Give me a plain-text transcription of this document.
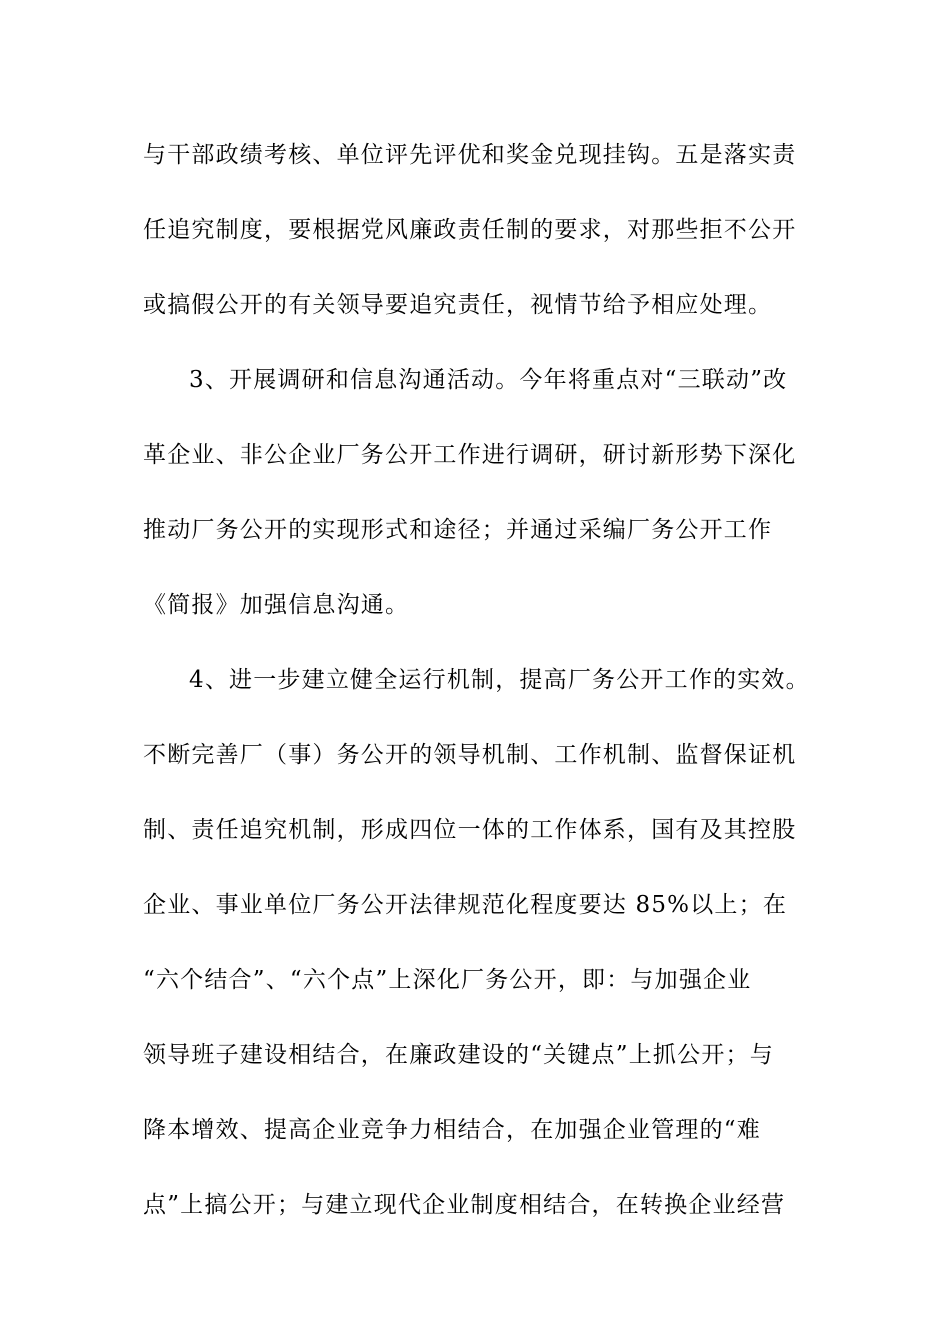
与干部政绩考核、单位评先评优和奖金兑现挂钩。五是落实责
任追究制度，要根据党风廉政责任制的要求，对那些拒不公开
或搞假公开的有关领导要追究责任，视情节给予相应处理。
3、开展调研和信息沟通活动。今年将重点对“三联动”改
革企业、非公企业厂务公开工作进行调研，研讨新形势下深化
推动厂务公开的实现形式和途径；并通过采编厂务公开工作
《简报》加强信息沟通。
4、进一步建立健全运行机制，提高厂务公开工作的实效。
不断完善厂（事）务公开的领导机制、工作机制、监督保证机
制、责任追究机制，形成四位一体的工作体系，国有及其控股
企业、事业单位厂务公开法律规范化程度要达 85%以上；在
“六个结合”、“六个点”上深化厂务公开，即：与加强企业
领导班子建设相结合，在廉政建设的“关键点”上抓公开；与
降本增效、提高企业竞争力相结合，在加强企业管理的“难
点”上搞公开；与建立现代企业制度相结合，在转换企业经营
